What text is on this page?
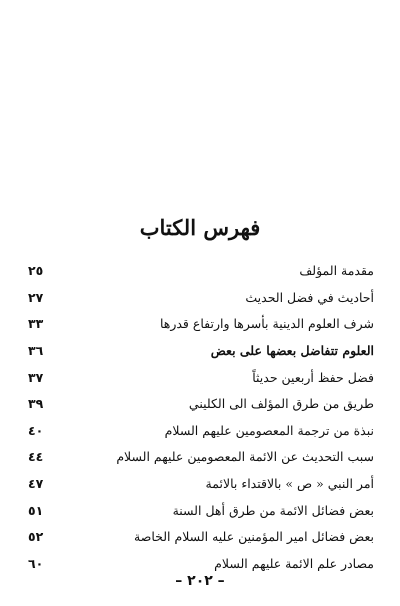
فهرس الكتاب
مقدمة المؤلف
٢٥
أحاديث في فضل الحديث
٢٧
شرف العلوم الدينية بأسرها وارتفاع قدرها
٣٣
العلوم تتفاضل بعضها على بعض
٣٦
فضل حفظ أربعين حديثاً
٣٧
طريق من طرق المؤلف الى الكليني
٣٩
نبذة من ترجمة المعصومين عليهم السلام
٤٠
سبب التحديث عن الائمة المعصومين عليهم السلام
٤٤
أمر النبي « ص » بالاقتداء بالائمة
٤٧
بعض فضائل الائمة من طرق أهل السنة
٥١
بعض فضائل امير المؤمنين عليه السلام الخاصة
٥٢
مصادر علم الائمة عليهم السلام
٦٠
– ٢٠٢ –
